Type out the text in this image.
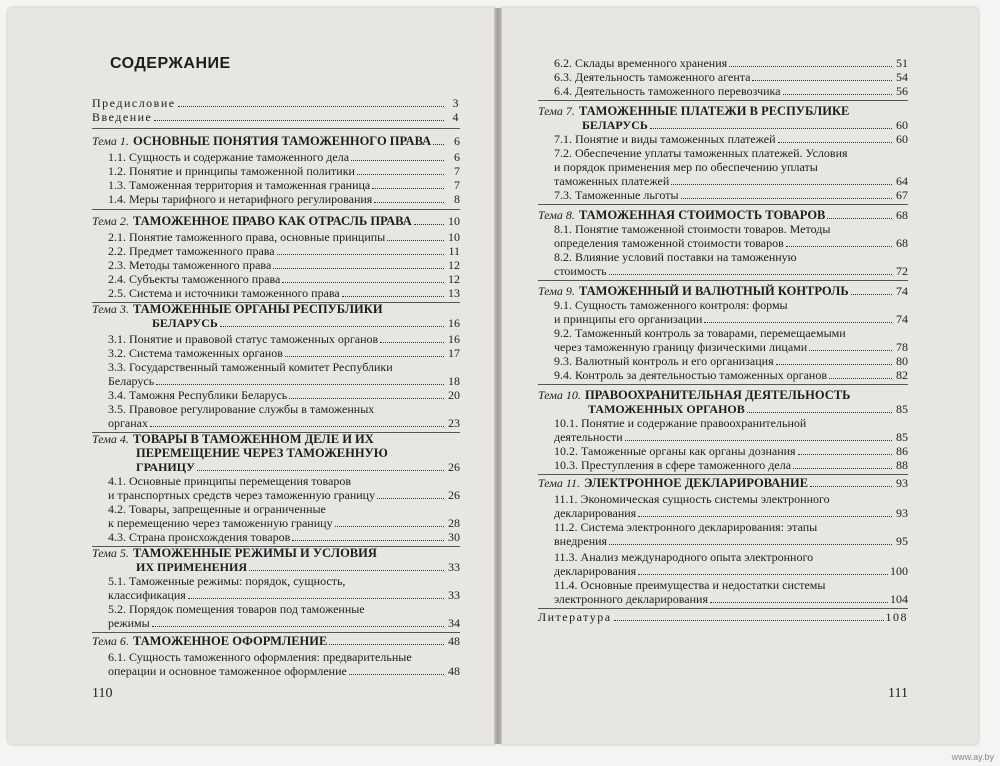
СОДЕРЖАНИЕ
Предисловие	3
Введение	4
Тема 1. ОСНОВНЫЕ ПОНЯТИЯ ТАМОЖЕННОГО ПРАВА	6
1.1. Сущность и содержание таможенного дела	6
1.2. Понятие и принципы таможенной политики	7
1.3. Таможенная территория и таможенная граница	7
1.4. Меры тарифного и нетарифного регулирования	8
Тема 2. ТАМОЖЕННОЕ ПРАВО КАК ОТРАСЛЬ ПРАВА	10
2.1. Понятие таможенного права, основные принципы	10
2.2. Предмет таможенного права	11
2.3. Методы таможенного права	12
2.4. Субъекты таможенного права	12
2.5. Система и источники таможенного права	13
Тема 3. ТАМОЖЕННЫЕ ОРГАНЫ РЕСПУБЛИКИ
БЕЛАРУСЬ	16
3.1. Понятие и правовой статус таможенных органов	16
3.2. Система таможенных органов	17
3.3. Государственный таможенный комитет Республики
Беларусь	18
3.4. Таможня Республики Беларусь	20
3.5. Правовое регулирование службы в таможенных
органах	23
Тема 4. ТОВАРЫ В ТАМОЖЕННОМ ДЕЛЕ И ИХ
ПЕРЕМЕЩЕНИЕ ЧЕРЕЗ ТАМОЖЕННУЮ
ГРАНИЦУ	26
4.1. Основные принципы перемещения товаров
и транспортных средств через таможенную границу	26
4.2. Товары, запрещенные и ограниченные
к перемещению через таможенную границу	28
4.3. Страна происхождения товаров	30
Тема 5. ТАМОЖЕННЫЕ РЕЖИМЫ И УСЛОВИЯ
ИХ ПРИМЕНЕНИЯ	33
5.1. Таможенные режимы: порядок, сущность,
классификация	33
5.2. Порядок помещения товаров под таможенные
режимы	34
Тема 6. ТАМОЖЕННОЕ ОФОРМЛЕНИЕ	48
6.1. Сущность таможенного оформления: предварительные
операции и основное таможенное оформление	48
110
6.2. Склады временного хранения	51
6.3. Деятельность таможенного агента	54
6.4. Деятельность таможенного перевозчика	56
Тема 7. ТАМОЖЕННЫЕ ПЛАТЕЖИ В РЕСПУБЛИКЕ
БЕЛАРУСЬ	60
7.1. Понятие и виды таможенных платежей	60
7.2. Обеспечение уплаты таможенных платежей. Условия
и порядок применения мер по обеспечению уплаты
таможенных платежей	64
7.3. Таможенные льготы	67
Тема 8. ТАМОЖЕННАЯ СТОИМОСТЬ ТОВАРОВ	68
8.1. Понятие таможенной стоимости товаров. Методы
определения таможенной стоимости товаров	68
8.2. Влияние условий поставки на таможенную
стоимость	72
Тема 9. ТАМОЖЕННЫЙ И ВАЛЮТНЫЙ КОНТРОЛЬ	74
9.1. Сущность таможенного контроля: формы
и принципы его организации	74
9.2. Таможенный контроль за товарами, перемещаемыми
через таможенную границу физическими лицами	78
9.3. Валютный контроль и его организация	80
9.4. Контроль за деятельностью таможенных органов	82
Тема 10. ПРАВООХРАНИТЕЛЬНАЯ ДЕЯТЕЛЬНОСТЬ
ТАМОЖЕННЫХ ОРГАНОВ	85
10.1. Понятие и содержание правоохранительной
деятельности	85
10.2. Таможенные органы как органы дознания	86
10.3. Преступления в сфере таможенного дела	88
Тема 11. ЭЛЕКТРОННОЕ ДЕКЛАРИРОВАНИЕ	93
11.1. Экономическая сущность системы электронного
декларирования	93
11.2. Система электронного декларирования: этапы
внедрения	95
11.3. Анализ международного опыта электронного
декларирования	100
11.4. Основные преимущества и недостатки системы
электронного декларирования	104
Литература	108
111
www.ay.by
